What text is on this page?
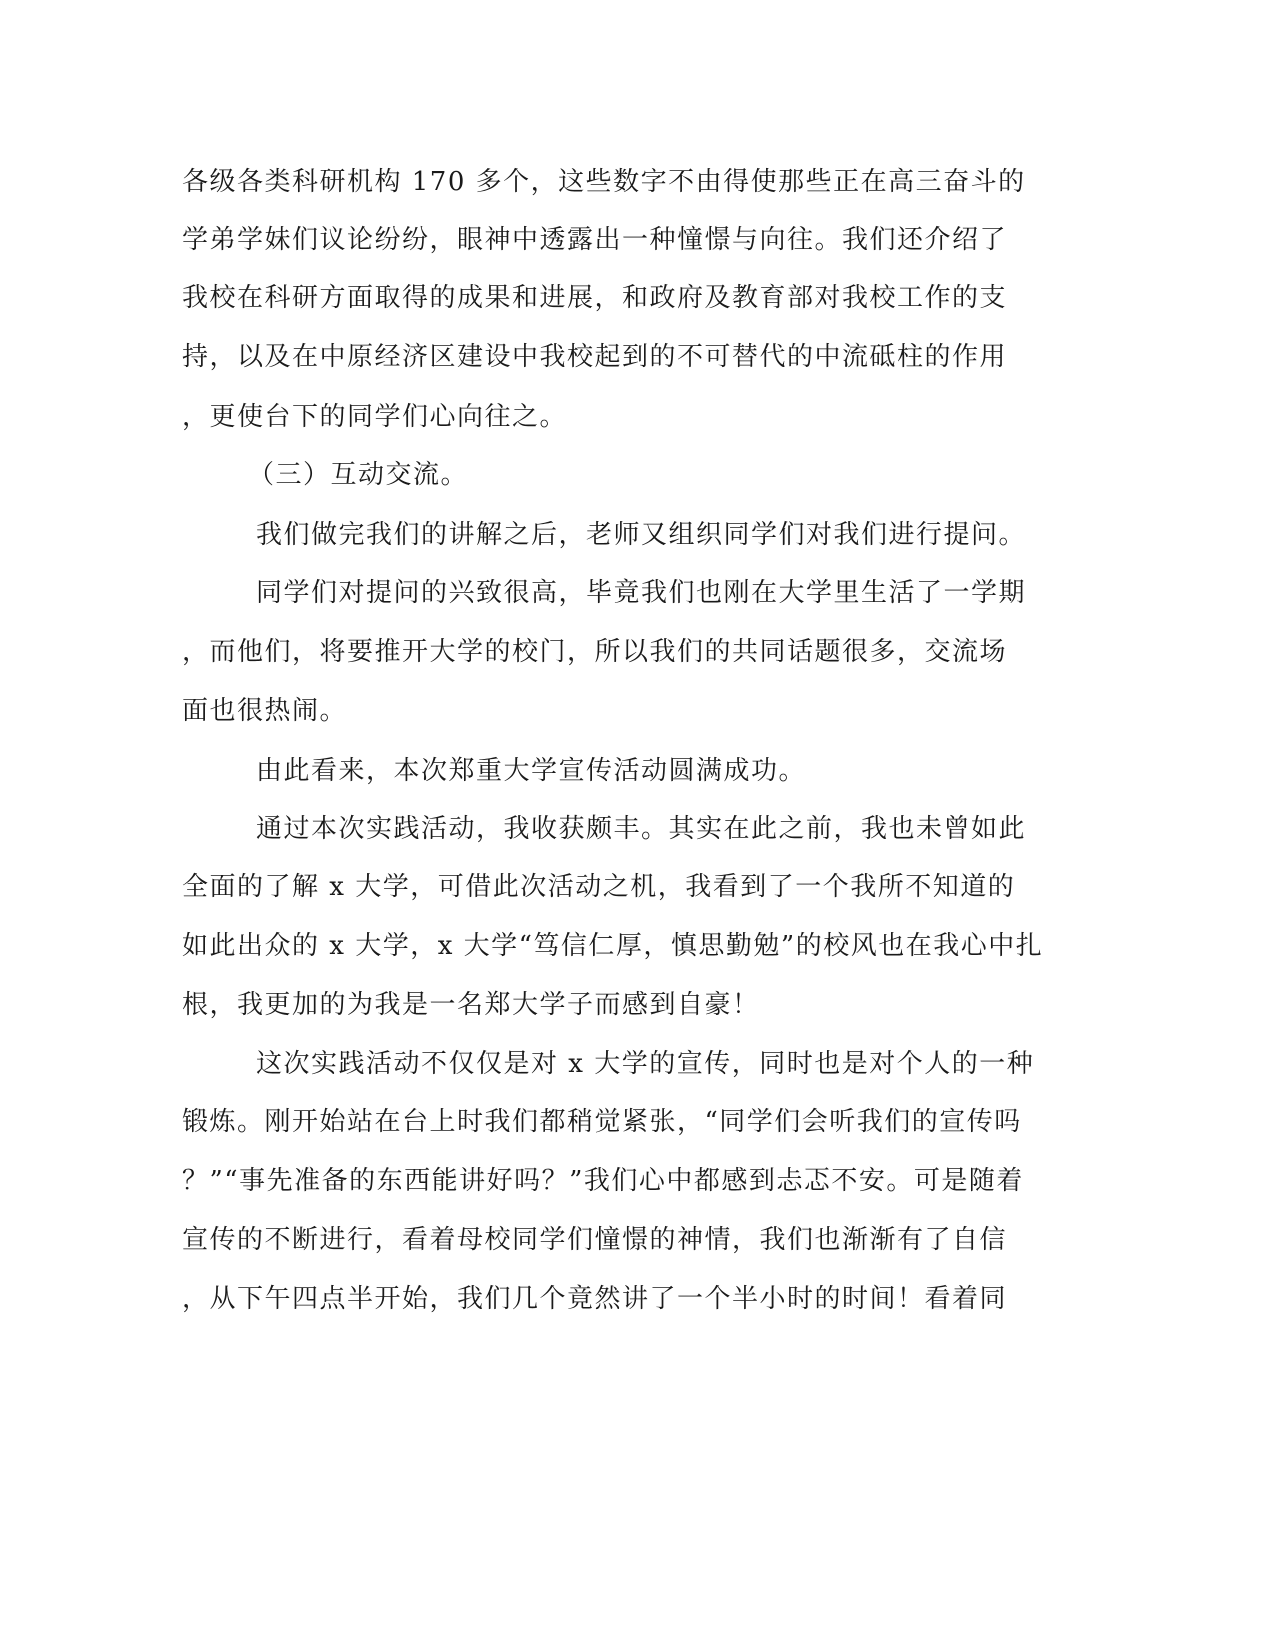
各级各类科研机构 170 多个，这些数字不由得使那些正在高三奋斗的
学弟学妹们议论纷纷，眼神中透露出一种憧憬与向往。我们还介绍了
我校在科研方面取得的成果和进展，和政府及教育部对我校工作的支
持，以及在中原经济区建设中我校起到的不可替代的中流砥柱的作用
，更使台下的同学们心向往之。
（三）互动交流。
我们做完我们的讲解之后，老师又组织同学们对我们进行提问。
同学们对提问的兴致很高，毕竟我们也刚在大学里生活了一学期
，而他们，将要推开大学的校门，所以我们的共同话题很多，交流场
面也很热闹。
由此看来，本次郑重大学宣传活动圆满成功。
通过本次实践活动，我收获颇丰。其实在此之前，我也未曾如此
全面的了解 x 大学，可借此次活动之机，我看到了一个我所不知道的
如此出众的 x 大学，x 大学“笃信仁厚，慎思勤勉”的校风也在我心中扎
根，我更加的为我是一名郑大学子而感到自豪！
这次实践活动不仅仅是对 x 大学的宣传，同时也是对个人的一种
锻炼。刚开始站在台上时我们都稍觉紧张，“同学们会听我们的宣传吗
？”“事先准备的东西能讲好吗？”我们心中都感到忐忑不安。可是随着
宣传的不断进行，看着母校同学们憧憬的神情，我们也渐渐有了自信
，从下午四点半开始，我们几个竟然讲了一个半小时的时间！看着同
